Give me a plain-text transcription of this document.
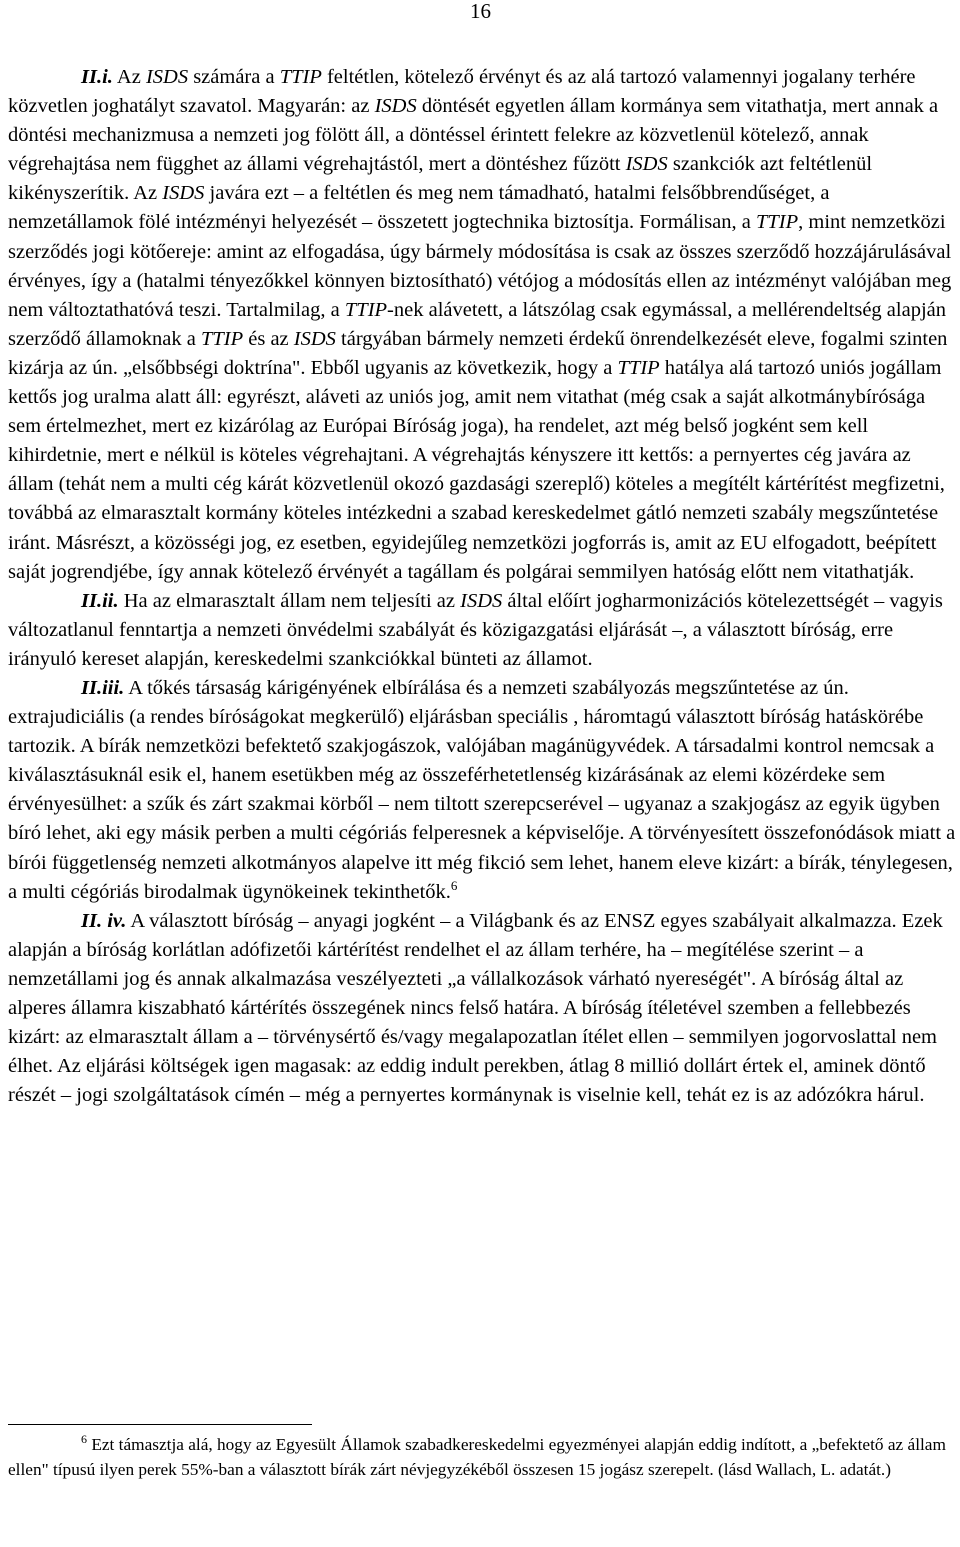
16

II.i. Az ISDS számára a TTIP feltétlen, kötelező érvényt és az alá tartozó valamennyi jogalany terhére közvetlen joghatályt szavatol. Magyarán: az ISDS döntését egyetlen állam kormánya sem vitathatja, mert annak a döntési mechanizmusa a nemzeti jog fölött áll, a döntéssel érintett felekre az közvetlenül kötelező, annak végrehajtása nem függhet az állami végrehajtástól, mert a döntéshez fűzött ISDS szankciók azt feltétlenül kikényszerítik. Az ISDS javára ezt – a feltétlen és meg nem támadható, hatalmi felsőbbrendűséget, a nemzetállamok fölé intézményi helyezését – összetett jogtechnika biztosítja. Formálisan, a TTIP, mint nemzetközi szerződés jogi kötőereje: amint az elfogadása, úgy bármely módosítása is csak az összes szerződő hozzájárulásával érvényes, így a (hatalmi tényezőkkel könnyen biztosítható) vétójog a módosítás ellen az intézményt valójában meg nem változtathatóvá teszi. Tartalmilag, a TTIP-nek alávetett, a látszólag csak egymással, a mellérendeltség alapján szerződő államoknak a TTIP és az ISDS tárgyában bármely nemzeti érdekű önrendelkezését eleve, fogalmi szinten kizárja az ún. „elsőbbségi doktrína". Ebből ugyanis az következik, hogy a TTIP hatálya alá tartozó uniós jogállam kettős jog uralma alatt áll: egyrészt, aláveti az uniós jog, amit nem vitathat (még csak a saját alkotmánybírósága sem értelmezhet, mert ez kizárólag az Európai Bíróság joga), ha rendelet, azt még belső jogként sem kell kihirdetnie, mert e nélkül is köteles végrehajtani. A végrehajtás kényszere itt kettős: a pernyertes cég javára az állam (tehát nem a multi cég kárát közvetlenül okozó gazdasági szereplő) köteles a megítélt kártérítést megfizetni, továbbá az elmarasztalt kormány köteles intézkedni a szabad kereskedelmet gátló nemzeti szabály megszűntetése iránt. Másrészt, a közösségi jog, ez esetben, egyidejűleg nemzetközi jogforrás is, amit az EU elfogadott, beépített saját jogrendjébe, így annak kötelező érvényét a tagállam és polgárai semmilyen hatóság előtt nem vitathatják.

II.ii. Ha az elmarasztalt állam nem teljesíti az ISDS által előírt jogharmonizációs kötelezettségét – vagyis változatlanul fenntartja a nemzeti önvédelmi szabályát és közigazgatási eljárását –, a választott bíróság, erre irányuló kereset alapján, kereskedelmi szankciókkal bünteti az államot.

II.iii. A tőkés társaság kárigényének elbírálása és a nemzeti szabályozás megszűntetése az ún. extrajudiciális (a rendes bíróságokat megkerülő) eljárásban speciális , háromtagú választott bíróság hatáskörébe tartozik. A bírák nemzetközi befektető szakjogászok, valójában magánügyvédek. A társadalmi kontrol nemcsak a kiválasztásuknál esik el, hanem esetükben még az összeférhetetlenség kizárásának az elemi közérdeke sem érvényesülhet: a szűk és zárt szakmai körből – nem tiltott szerepcserével – ugyanaz a szakjogász az egyik ügyben bíró lehet, aki egy másik perben a multi cégóriás felperesnek a képviselője. A törvényesített összefonódások miatt a bírói függetlenség nemzeti alkotmányos alapelve itt még fikció sem lehet, hanem eleve kizárt: a bírák, ténylegesen, a multi cégóriás birodalmak ügynökeinek tekinthetők.$^6$

II. iv. A választott bíróság – anyagi jogként – a Világbank és az ENSZ egyes szabályait alkalmazza. Ezek alapján a bíróság korlátlan adófizetői kártérítést rendelhet el az állam terhére, ha – megítélése szerint – a nemzetállami jog és annak alkalmazása veszélyezteti „a vállalkozások várható nyereségét". A bíróság által az alperes államra kiszabható kártérítés összegének nincs felső határa. A bíróság ítéletével szemben a fellebbezés kizárt: az elmarasztalt állam a – törvénysértő és/vagy megalapozatlan ítélet ellen – semmilyen jogorvoslattal nem élhet. Az eljárási költségek igen magasak: az eddig indult perekben, átlag 8 millió dollárt értek el, aminek döntő részét – jogi szolgáltatások címén – még a pernyertes kormánynak is viselnie kell, tehát ez is az adózókra hárul.

$^6$ Ezt támasztja alá, hogy az Egyesült Államok szabadkereskedelmi egyezményei alapján eddig indított, a „befektető az állam ellen" típusú ilyen perek 55%-ban a választott bírák zárt névjegyzékéből összesen 15 jogász szerepelt. (lásd Wallach, L. adatát.)
